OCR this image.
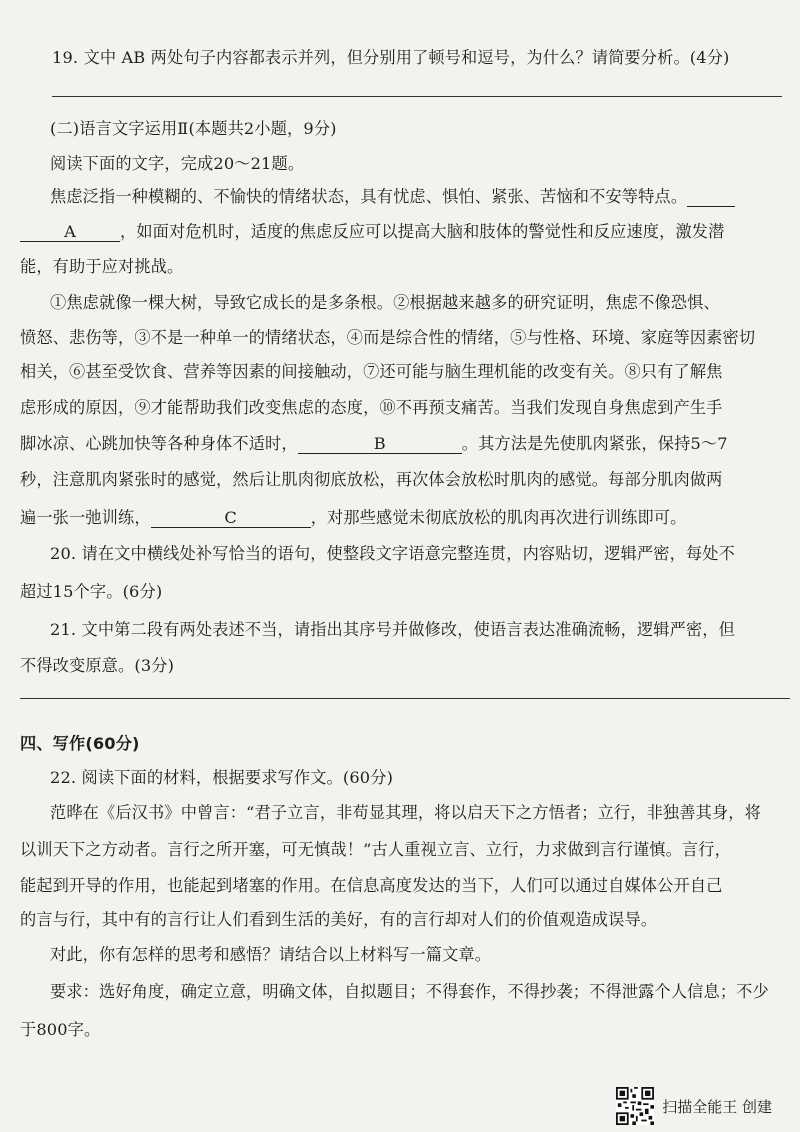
19. 文中 AB 两处句子内容都表示并列，但分别用了顿号和逗号，为什么？请简要分析。(4分)
(二)语言文字运用Ⅱ(本题共2小题，9分)
阅读下面的文字，完成20～21题。
焦虑泛指一种模糊的、不愉快的情绪状态，具有忧虑、惧怕、紧张、苦恼和不安等特点。
A	，如面对危机时，适度的焦虑反应可以提高大脑和肢体的警觉性和反应速度，激发潜
能，有助于应对挑战。
①焦虑就像一棵大树，导致它成长的是多条根。②根据越来越多的研究证明，焦虑不像恐惧、
愤怒、悲伤等，③不是一种单一的情绪状态，④而是综合性的情绪，⑤与性格、环境、家庭等因素密切
相关，⑥甚至受饮食、营养等因素的间接触动，⑦还可能与脑生理机能的改变有关。⑧只有了解焦
虑形成的原因，⑨才能帮助我们改变焦虑的态度，⑩不再预支痛苦。当我们发现自身焦虑到产生手
脚冰凉、心跳加快等各种身体不适时，	B	。其方法是先使肌肉紧张，保持5～7
秒，注意肌肉紧张时的感觉，然后让肌肉彻底放松，再次体会放松时肌肉的感觉。每部分肌肉做两
遍一张一弛训练，	C	，对那些感觉未彻底放松的肌肉再次进行训练即可。
20. 请在文中横线处补写恰当的语句，使整段文字语意完整连贯，内容贴切，逻辑严密，每处不
超过15个字。(6分)
21. 文中第二段有两处表述不当，请指出其序号并做修改，使语言表达准确流畅，逻辑严密，但
不得改变原意。(3分)
四、写作(60分)
22. 阅读下面的材料，根据要求写作文。(60分)
范晔在《后汉书》中曾言：“君子立言，非苟显其理，将以启天下之方悟者；立行，非独善其身，将
以训天下之方动者。言行之所开塞，可无慎哉！”古人重视立言、立行，力求做到言行谨慎。言行，
能起到开导的作用，也能起到堵塞的作用。在信息高度发达的当下，人们可以通过自媒体公开自己
的言与行，其中有的言行让人们看到生活的美好，有的言行却对人们的价值观造成误导。
对此，你有怎样的思考和感悟？请结合以上材料写一篇文章。
要求：选好角度，确定立意，明确文体，自拟题目；不得套作，不得抄袭；不得泄露个人信息；不少
于800字。
扫描全能王 创建
